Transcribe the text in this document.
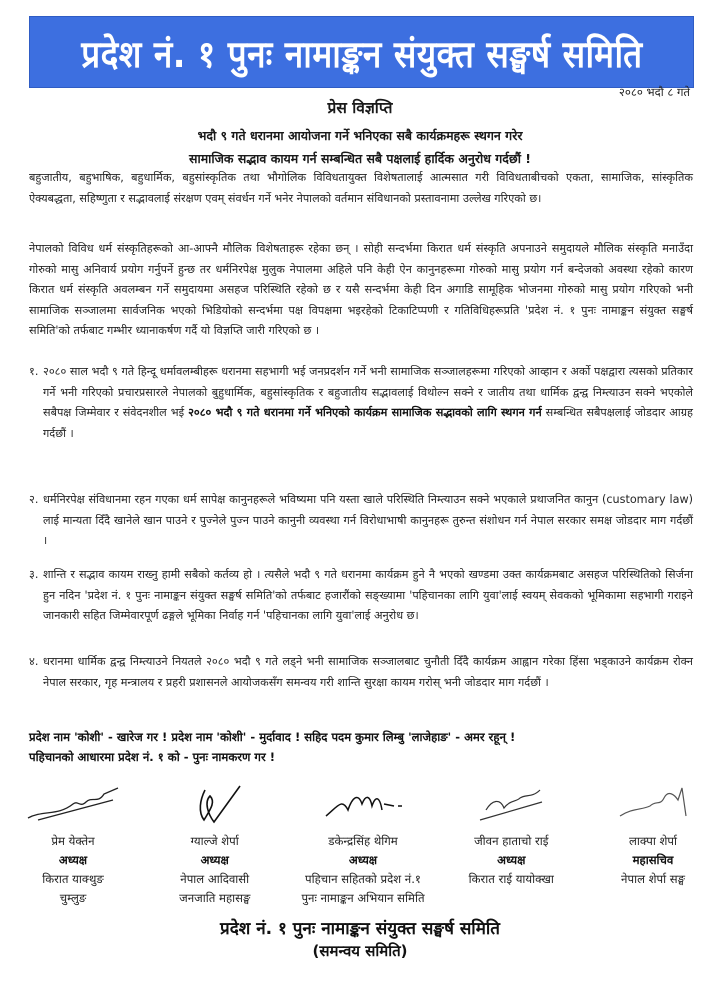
प्रदेश नं. १ पुनः नामाङ्कन संयुक्त सङ्घर्ष समिति
२०८० भदौ ८ गते
प्रेस विज्ञप्ति
भदौ ९ गते धरानमा आयोजना गर्ने भनिएका सबै कार्यक्रमहरू स्थगन गरेर
सामाजिक सद्भाव कायम गर्न सम्बन्धित सबै पक्षलाई हार्दिक अनुरोध गर्दछौं !

बहुजातीय, बहुभाषिक, बहुधार्मिक, बहुसांस्कृतिक तथा भौगोलिक विविधतायुक्त विशेषतालाई आत्मसात गरी विविधताबीचको एकता, सामाजिक, सांस्कृतिक ऐक्यबद्धता, सहिष्णुता र सद्भावलाई संरक्षण एवम् संवर्धन गर्ने भनेर नेपालको वर्तमान संविधानको प्रस्तावनामा उल्लेख गरिएको छ।

नेपालको विविध धर्म संस्कृतिहरूको आ-आफ्नै मौलिक विशेषताहरू रहेका छन् । सोही सन्दर्भमा किरात धर्म संस्कृति अपनाउने समुदायले मौलिक संस्कृति मनाउँदा गोरुको मासु अनिवार्य प्रयोग गर्नुपर्ने हुन्छ तर धर्मनिरपेक्ष मुलुक नेपालमा अहिले पनि केही ऐन कानुनहरूमा गोरुको मासु प्रयोग गर्न बन्देजको अवस्था रहेको कारण किरात धर्म संस्कृति अवलम्बन गर्ने समुदायमा असहज परिस्थिति रहेको छ र यसै सन्दर्भमा केही दिन अगाडि सामूहिक भोजनमा गोरुको मासु प्रयोग गरिएको भनी सामाजिक सञ्जालमा सार्वजनिक भएको भिडियोको सन्दर्भमा पक्ष विपक्षमा भइरहेको टिकाटिप्पणी र गतिविधिहरूप्रति 'प्रदेश नं. १ पुनः नामाङ्कन संयुक्त सङ्घर्ष समिति'को तर्फबाट गम्भीर ध्यानाकर्षण गर्दै यो विज्ञप्ति जारी गरिएको छ ।

१. २०८० साल भदौ ९ गते हिन्दू धर्मावलम्बीहरू धरानमा सहभागी भई जनप्रदर्शन गर्ने भनी सामाजिक सञ्जालहरूमा गरिएको आव्हान र अर्को पक्षद्वारा त्यसको प्रतिकार गर्ने भनी गरिएको प्रचारप्रसारले नेपालको बुहुधार्मिक, बहुसांस्कृतिक र बहुजातीय सद्भावलाई विथोल्न सक्ने र जातीय तथा धार्मिक द्वन्द्व निम्त्याउन सक्ने भएकोले सबैपक्ष जिम्मेवार र संवेदनशील भई २०८० भदौ ९ गते धरानमा गर्ने भनिएको कार्यक्रम सामाजिक सद्भावको लागि स्थगन गर्न सम्बन्धित सबैपक्षलाई जोडदार आग्रह गर्दछौं ।
२. धर्मनिरपेक्ष संविधानमा रहन गएका धर्म सापेक्ष कानुनहरूले भविष्यमा पनि यस्ता खाले परिस्थिति निम्त्याउन सक्ने भएकाले प्रथाजनित कानुन (customary law) लाई मान्यता दिँदै खानेले खान पाउने र पुज्नेले पुज्न पाउने कानुनी व्यवस्था गर्न विरोधाभाषी कानुनहरू तुरुन्त संशोधन गर्न नेपाल सरकार समक्ष जोडदार माग गर्दछौं ।
३. शान्ति र सद्भाव कायम राख्नु हामी सबैको कर्तव्य हो । त्यसैले भदौ ९ गते धरानमा कार्यक्रम हुने नै भएको खण्डमा उक्त कार्यक्रमबाट असहज परिस्थितिको सिर्जना हुन नदिन 'प्रदेश नं. १ पुनः नामाङ्कन संयुक्त सङ्घर्ष समिति'को तर्फबाट हजारौंको सङ्ख्यामा 'पहिचानका लागि युवा'लाई स्वयम् सेवकको भूमिकामा सहभागी गराइने जानकारी सहित जिम्मेवारपूर्ण ढङ्गले भूमिका निर्वाह गर्न 'पहिचानका लागि युवा'लाई अनुरोध छ।
४. धरानमा धार्मिक द्वन्द्व निम्त्याउने नियतले २०८० भदौ ९ गते लड्ने भनी सामाजिक सञ्जालबाट चुनौती दिँदै कार्यक्रम आह्वान गरेका हिंसा भड्काउने कार्यक्रम रोक्न नेपाल सरकार, गृह मन्त्रालय र प्रहरी प्रशासनले आयोजकसँग समन्वय गरी शान्ति सुरक्षा कायम गरोस् भनी जोडदार माग गर्दछौं ।
प्रदेश नाम 'कोशी' - खारेज गर ! प्रदेश नाम 'कोशी' - मुर्दावाद ! सहिद पदम कुमार लिम्बु 'लाजेहाङ' - अमर रहून् !
पहिचानको आधारमा प्रदेश नं. १ को - पुनः नामकरण गर !
प्रेम येक्तेन
अध्यक्ष
किरात याक्थुङ
चुम्लुङ
ग्याल्जे शेर्पा
अध्यक्ष
नेपाल आदिवासी
जनजाति महासङ्घ
डकेन्द्रसिंह थेगिम
अध्यक्ष
पहिचान सहितको प्रदेश नं.१
पुनः नामाङ्कन अभियान समिति
जीवन हाताचो राई
अध्यक्ष
किरात राई यायोक्खा
लाक्पा शेर्पा
महासचिव
नेपाल शेर्पा सङ्घ
प्रदेश नं. १ पुनः नामाङ्कन संयुक्त सङ्घर्ष समिति
(समन्वय समिति)
